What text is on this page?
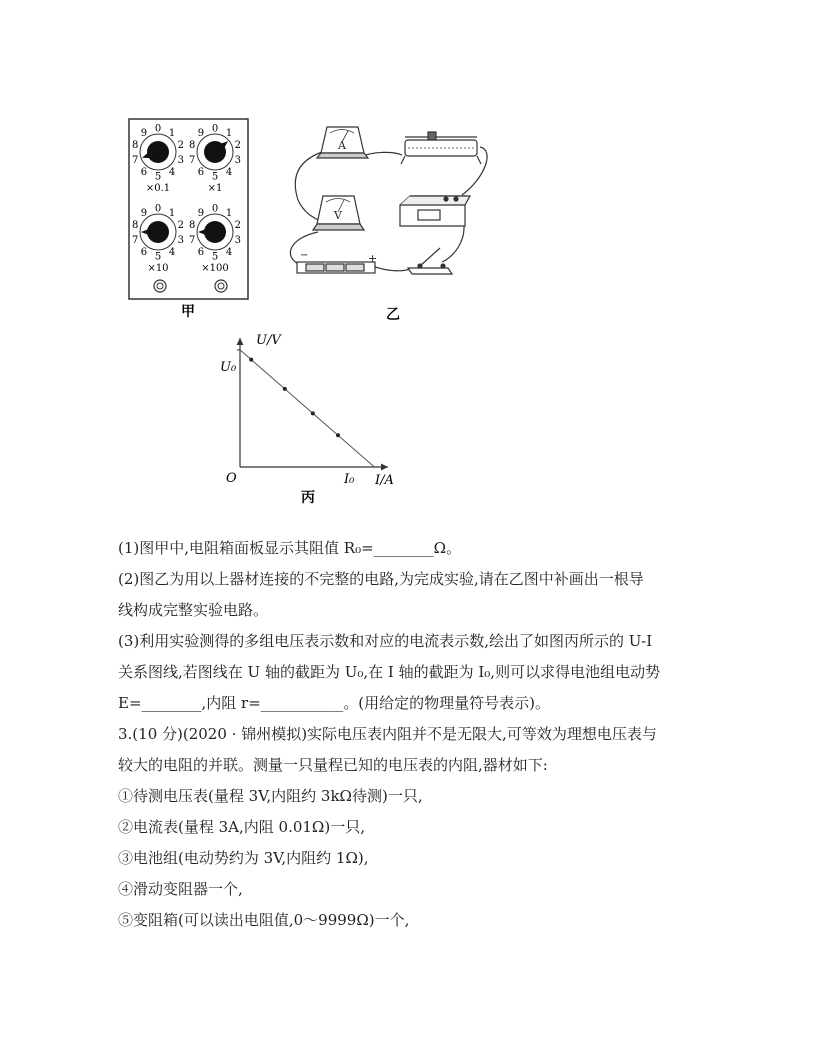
0 1
2
3
4
5
6
7
8
9
×0.1
0 1
2
3
4
5
6
7
8
9
×1
0 1
2
3
4
5
6
7
8
9
×10
0 1
2
3
4
5
6
7
8
9
×100
甲
A
V
−	+
乙
U/V
I/A
O
U₀
I₀
丙
(1)图甲中,电阻箱面板显示其阻值 R₀=________Ω。
(2)图乙为用以上器材连接的不完整的电路,为完成实验,请在乙图中补画出一根导
线构成完整实验电路。
(3)利用实验测得的多组电压表示数和对应的电流表示数,绘出了如图丙所示的 U-I
关系图线,若图线在 U 轴的截距为 U₀,在 I 轴的截距为 I₀,则可以求得电池组电动势
E=________,内阻 r=___________。(用给定的物理量符号表示)。
3.(10 分)(2020 · 锦州模拟)实际电压表内阻并不是无限大,可等效为理想电压表与
较大的电阻的并联。测量一只量程已知的电压表的内阻,器材如下:
①待测电压表(量程 3V,内阻约 3kΩ待测)一只,
②电流表(量程 3A,内阻 0.01Ω)一只,
③电池组(电动势约为 3V,内阻约 1Ω),
④滑动变阻器一个,
⑤变阻箱(可以读出电阻值,0～9999Ω)一个,
